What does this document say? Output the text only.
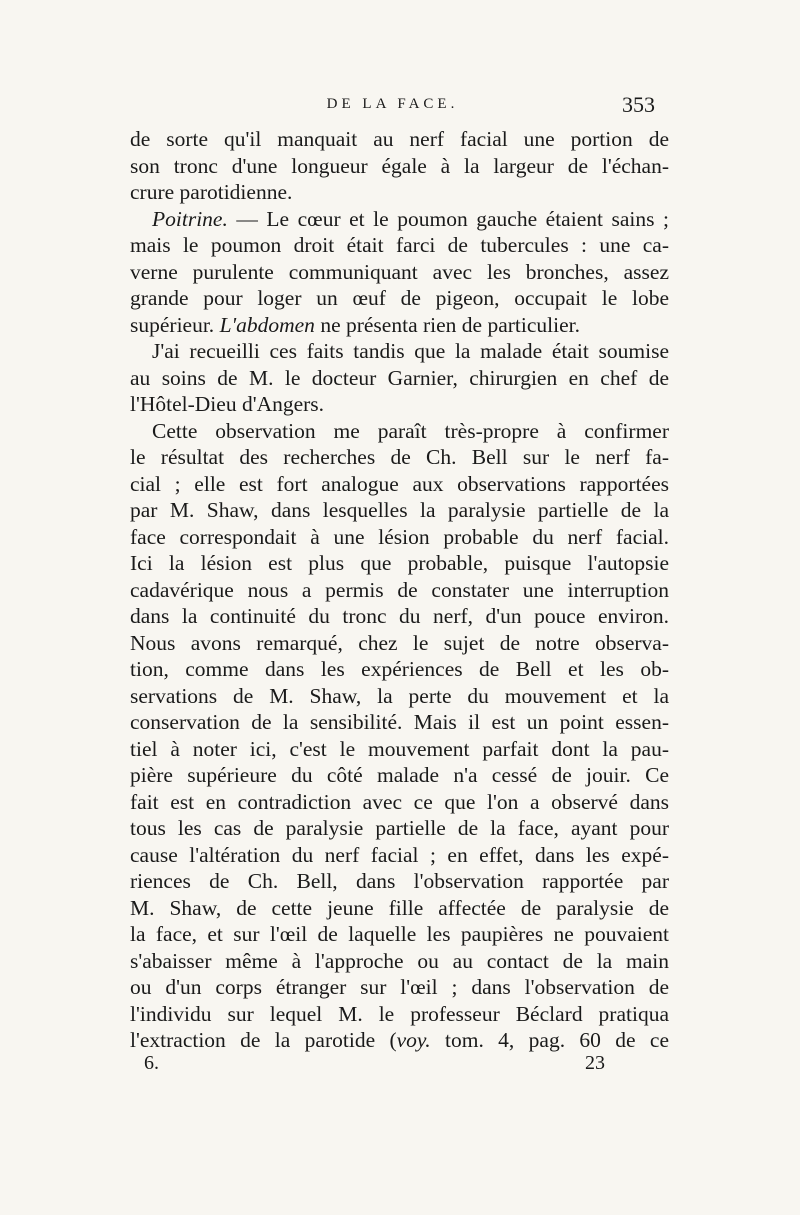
DE LA FACE.	353
de sorte qu'il manquait au nerf facial une portion de
son tronc d'une longueur égale à la largeur de l'échan-
crure parotidienne.
Poitrine. — Le cœur et le poumon gauche étaient sains ;
mais le poumon droit était farci de tubercules : une ca-
verne purulente communiquant avec les bronches, assez
grande pour loger un œuf de pigeon, occupait le lobe
supérieur. L'abdomen ne présenta rien de particulier.
J'ai recueilli ces faits tandis que la malade était soumise
au soins de M. le docteur Garnier, chirurgien en chef de
l'Hôtel-Dieu d'Angers.
Cette observation me paraît très-propre à confirmer
le résultat des recherches de Ch. Bell sur le nerf fa-
cial ; elle est fort analogue aux observations rapportées
par M. Shaw, dans lesquelles la paralysie partielle de la
face correspondait à une lésion probable du nerf facial.
Ici la lésion est plus que probable, puisque l'autopsie
cadavérique nous a permis de constater une interruption
dans la continuité du tronc du nerf, d'un pouce environ.
Nous avons remarqué, chez le sujet de notre observa-
tion, comme dans les expériences de Bell et les ob-
servations de M. Shaw, la perte du mouvement et la
conservation de la sensibilité. Mais il est un point essen-
tiel à noter ici, c'est le mouvement parfait dont la pau-
pière supérieure du côté malade n'a cessé de jouir. Ce
fait est en contradiction avec ce que l'on a observé dans
tous les cas de paralysie partielle de la face, ayant pour
cause l'altération du nerf facial ; en effet, dans les expé-
riences de Ch. Bell, dans l'observation rapportée par
M. Shaw, de cette jeune fille affectée de paralysie de
la face, et sur l'œil de laquelle les paupières ne pouvaient
s'abaisser même à l'approche ou au contact de la main
ou d'un corps étranger sur l'œil ; dans l'observation de
l'individu sur lequel M. le professeur Béclard pratiqua
l'extraction de la parotide (voy. tom. 4, pag. 60 de ce
6.	23
